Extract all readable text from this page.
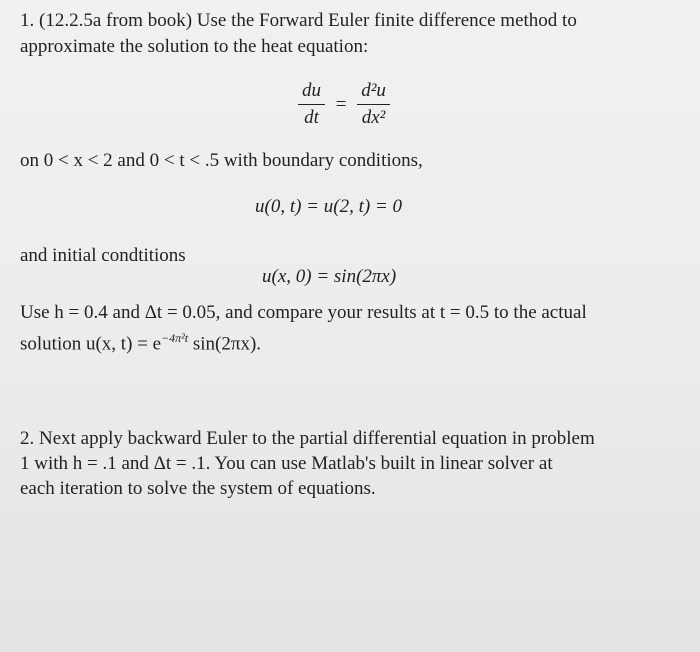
1. (12.2.5a from book) Use the Forward Euler finite difference method to

approximate the solution to the heat equation:

$\frac{du}{dt} = \frac{\text{d²u}}{\text{dx²}}$

on 0 < x < 2 and 0 < t < .5 with boundary conditions,

u(0, t) = u(2, t) = 0

and initial condtitions

u(x, 0) = sin(2πx)

Use h = 0.4 and Δt = 0.05, and compare your results at t = 0.5 to the actual

solution u(x, $t) = e^{-4\pi^2t}$ sin(2πx).

2. Next apply backward Euler to the partial differential equation in problem

1 with h = .1 and Δt = .1. You can use Matlab's built in linear solver at

each iteration to solve the system of equations.
